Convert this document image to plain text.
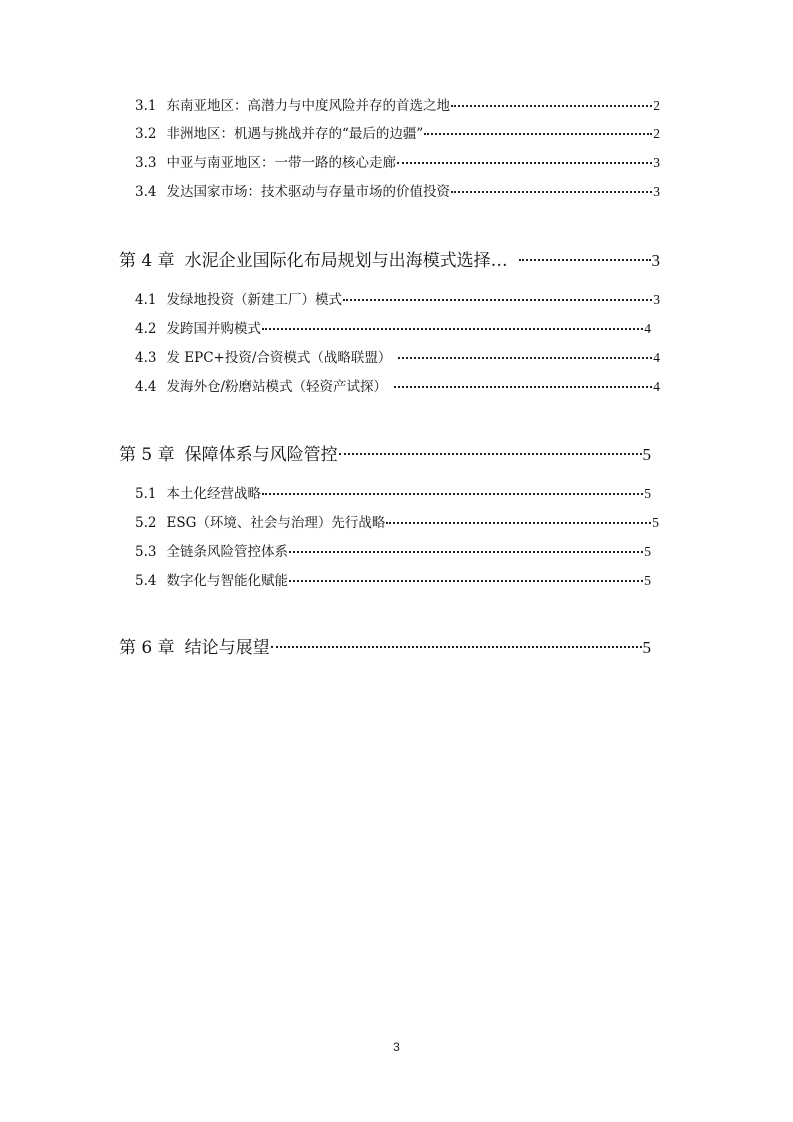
3.1 东南亚地区：高潜力与中度风险并存的首选之地	2
3.2 非洲地区：机遇与挑战并存的“最后的边疆”	2
3.3 中亚与南亚地区：一带一路的核心走廊	3
3.4 发达国家市场：技术驱动与存量市场的价值投资	3
第 4 章 水泥企业国际化布局规划与出海模式选择…	3
4.1 发绿地投资（新建工厂）模式	3
4.2 发跨国并购模式	4
4.3 发 EPC+投资/合资模式（战略联盟）	4
4.4 发海外仓/粉磨站模式（轻资产试探）	4
第 5 章 保障体系与风险管控	5
5.1 本土化经营战略	5
5.2 ESG（环境、社会与治理）先行战略	5
5.3 全链条风险管控体系	5
5.4 数字化与智能化赋能	5
第 6 章 结论与展望	5
3
